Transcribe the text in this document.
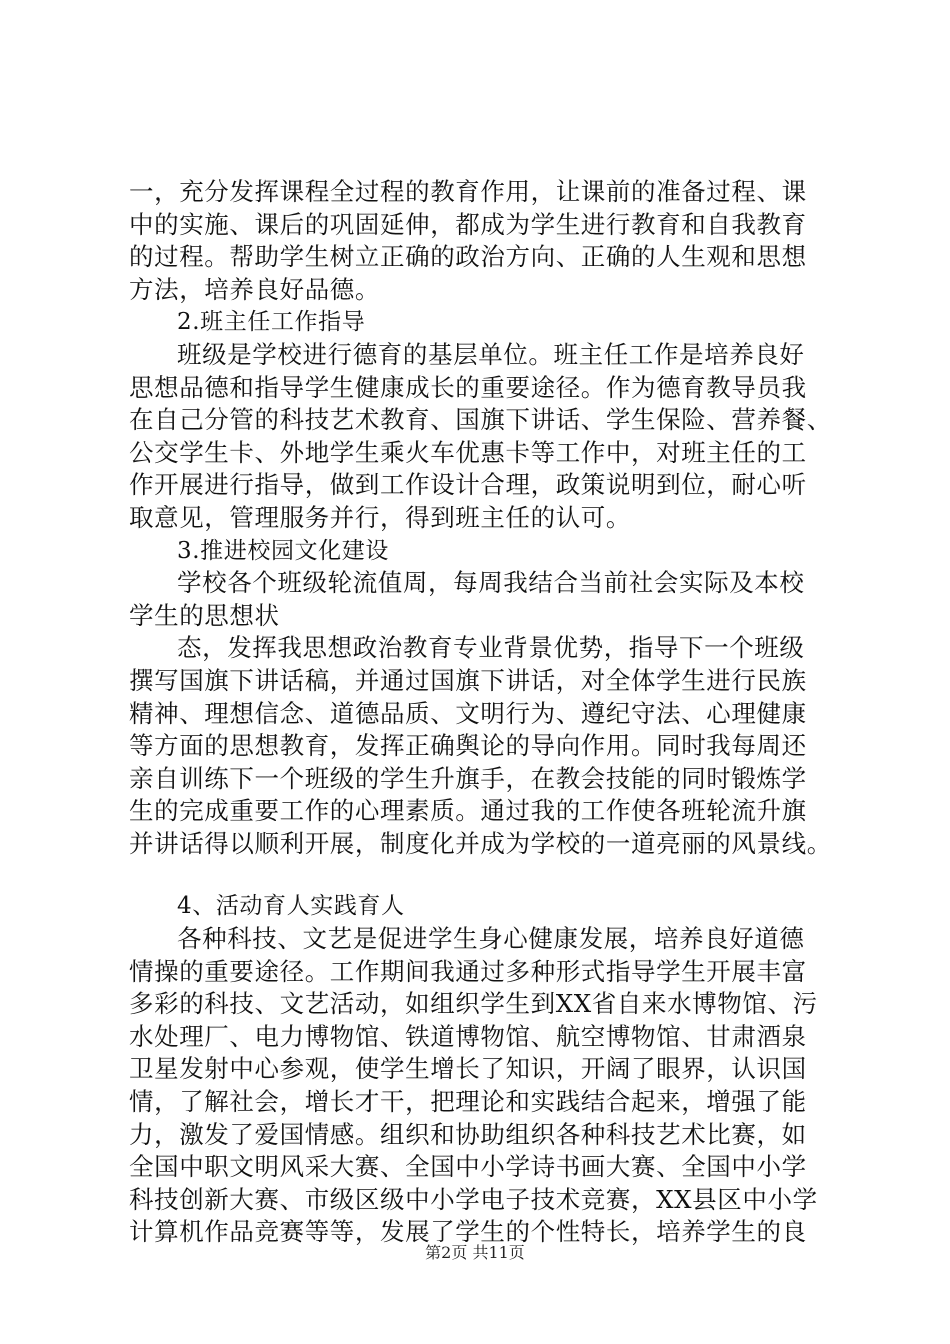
一，充分发挥课程全过程的教育作用，让课前的准备过程、课
中的实施、课后的巩固延伸，都成为学生进行教育和自我教育
的过程。帮助学生树立正确的政治方向、正确的人生观和思想
方法，培养良好品德。
2.班主任工作指导
班级是学校进行德育的基层单位。班主任工作是培养良好
思想品德和指导学生健康成长的重要途径。作为德育教导员我
在自己分管的科技艺术教育、国旗下讲话、学生保险、营养餐、
公交学生卡、外地学生乘火车优惠卡等工作中，对班主任的工
作开展进行指导，做到工作设计合理，政策说明到位，耐心听
取意见，管理服务并行，得到班主任的认可。
3.推进校园文化建设
学校各个班级轮流值周，每周我结合当前社会实际及本校
学生的思想状
态，发挥我思想政治教育专业背景优势，指导下一个班级
撰写国旗下讲话稿，并通过国旗下讲话，对全体学生进行民族
精神、理想信念、道德品质、文明行为、遵纪守法、心理健康
等方面的思想教育，发挥正确舆论的导向作用。同时我每周还
亲自训练下一个班级的学生升旗手，在教会技能的同时锻炼学
生的完成重要工作的心理素质。通过我的工作使各班轮流升旗
并讲话得以顺利开展，制度化并成为学校的一道亮丽的风景线。
4、活动育人实践育人
各种科技、文艺是促进学生身心健康发展，培养良好道德
情操的重要途径。工作期间我通过多种形式指导学生开展丰富
多彩的科技、文艺活动，如组织学生到XX省自来水博物馆、污
水处理厂、电力博物馆、铁道博物馆、航空博物馆、甘肃酒泉
卫星发射中心参观，使学生增长了知识，开阔了眼界，认识国
情，了解社会，增长才干，把理论和实践结合起来，增强了能
力，激发了爱国情感。组织和协助组织各种科技艺术比赛，如
全国中职文明风采大赛、全国中小学诗书画大赛、全国中小学
科技创新大赛、市级区级中小学电子技术竞赛，XX县区中小学
计算机作品竞赛等等，发展了学生的个性特长，培养学生的良
第2页 共11页
